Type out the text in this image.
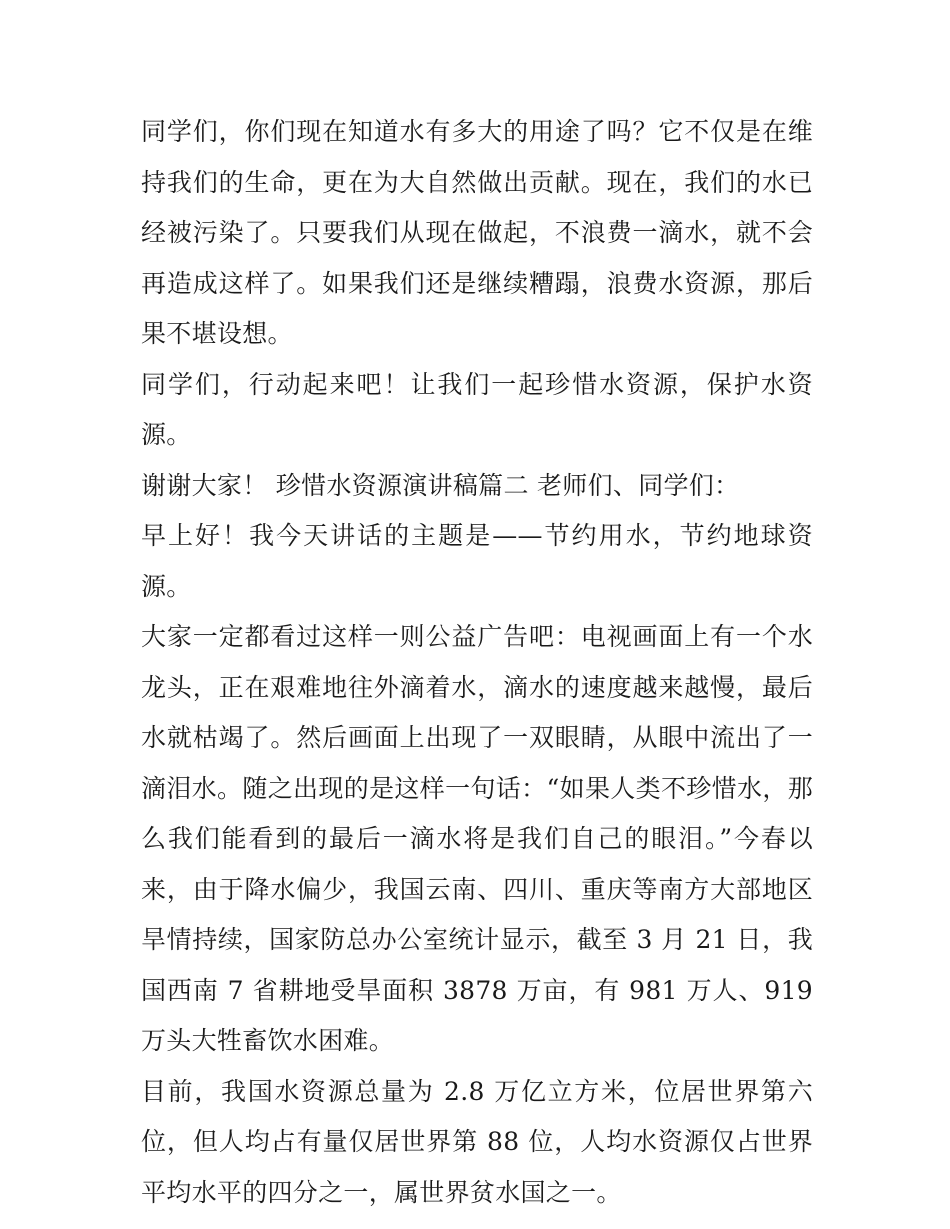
同学们，你们现在知道水有多大的用途了吗？它不仅是在维持我们的生命，更在为大自然做出贡献。现在，我们的水已经被污染了。只要我们从现在做起，不浪费一滴水，就不会再造成这样了。如果我们还是继续糟蹋，浪费水资源，那后果不堪设想。

同学们，行动起来吧！让我们一起珍惜水资源，保护水资源。

谢谢大家！ 珍惜水资源演讲稿篇二 老师们、同学们：

早上好！我今天讲话的主题是——节约用水，节约地球资源。

大家一定都看过这样一则公益广告吧：电视画面上有一个水龙头，正在艰难地往外滴着水，滴水的速度越来越慢，最后水就枯竭了。然后画面上出现了一双眼睛，从眼中流出了一滴泪水。随之出现的是这样一句话：“如果人类不珍惜水，那么我们能看到的最后一滴水将是我们自己的眼泪。”今春以来，由于降水偏少，我国云南、四川、重庆等南方大部地区旱情持续，国家防总办公室统计显示，截至 3 月 21 日，我国西南 7 省耕地受旱面积 3878 万亩，有 981 万人、919 万头大牲畜饮水困难。

目前，我国水资源总量为 2.8 万亿立方米，位居世界第六位，但人均占有量仅居世界第 88 位，人均水资源仅占世界平均水平的四分之一，属世界贫水国之一。
